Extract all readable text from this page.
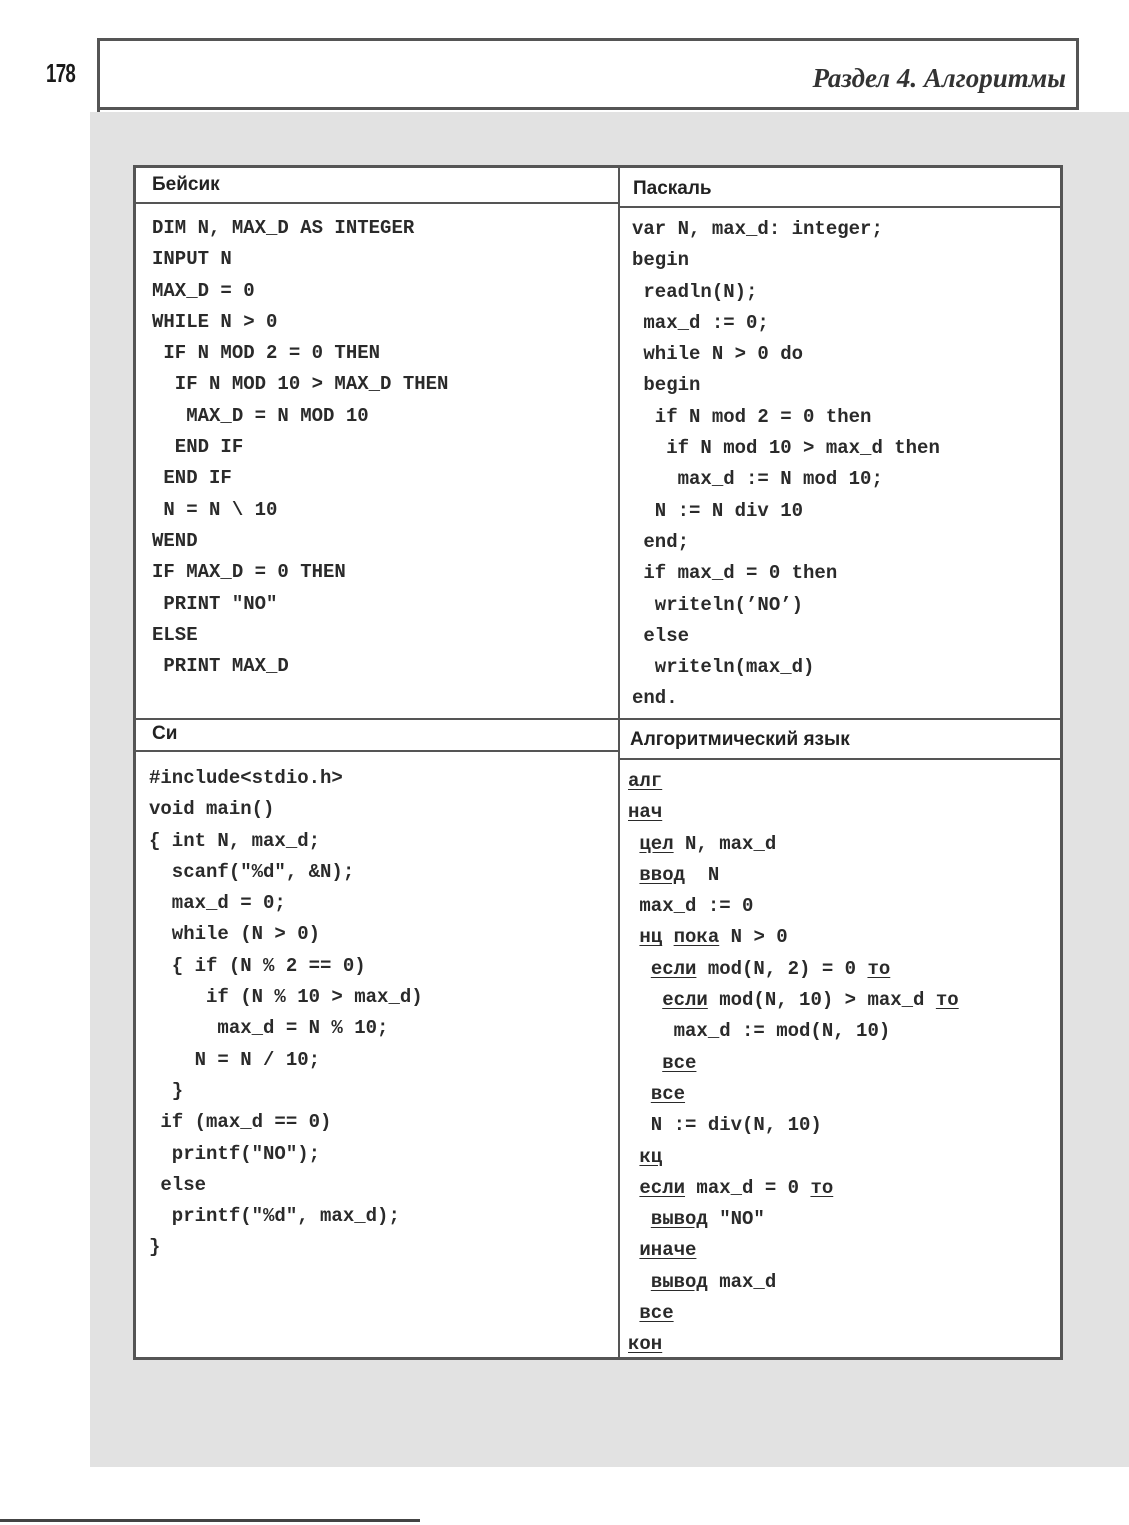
178	Раздел 4. Алгоритмы
Бейсик	Паскаль
Си	Алгоритмический язык
DIM N, MAX_D AS INTEGER
INPUT N
MAX_D = 0
WHILE N > 0
IF N MOD 2 = 0 THEN
IF N MOD 10 > MAX_D THEN
MAX_D = N MOD 10
END IF
END IF
N = N \ 10
WEND
IF MAX_D = 0 THEN
PRINT "NO"
ELSE
PRINT MAX_D
var N, max_d: integer;
begin
readln(N);
max_d := 0;
while N > 0 do
begin
if N mod 2 = 0 then
if N mod 10 > max_d then
max_d := N mod 10;
N := N div 10
end;
if max_d = 0 then
writeln(’NO’)
else
writeln(max_d)
end.
#include<stdio.h>
void main()
{ int N, max_d;
scanf("%d", &N);
max_d = 0;
while (N > 0)
{ if (N % 2 == 0)
if (N % 10 > max_d)
max_d = N % 10;
N = N / 10;
}
if (max_d == 0)
printf("NO");
else
printf("%d", max_d);
}
алг
нач
цел N, max_d
ввод  N
max_d := 0
нц пока N > 0
если mod(N, 2) = 0 то
если mod(N, 10) > max_d то
max_d := mod(N, 10)
все
все
N := div(N, 10)
кц
если max_d = 0 то
вывод "NO"
иначе
вывод max_d
все
кон
